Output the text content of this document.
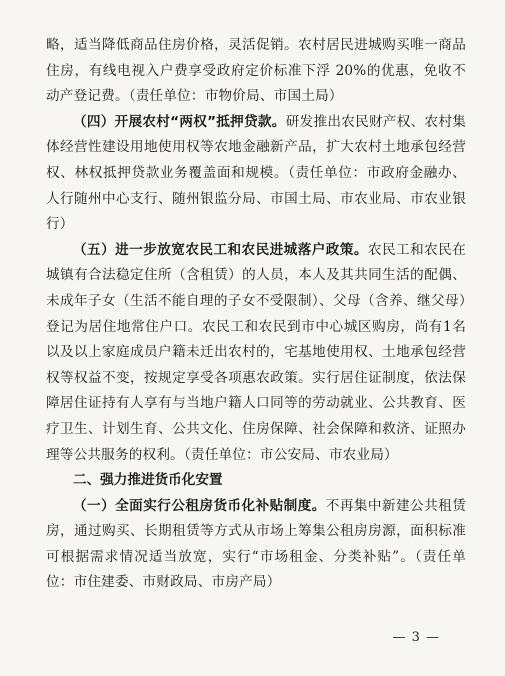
略，适当降低商品住房价格，灵活促销。农村居民进城购买唯一商品住房，有线电视入户费享受政府定价标准下浮 20%的优惠，免收不动产登记费。（责任单位：市物价局、市国土局）

（四）开展农村“两权”抵押贷款。研发推出农民财产权、农村集体经营性建设用地使用权等农地金融新产品，扩大农村土地承包经营权、林权抵押贷款业务覆盖面和规模。（责任单位：市政府金融办、人行随州中心支行、随州银监分局、市国土局、市农业局、市农业银行）

（五）进一步放宽农民工和农民进城落户政策。农民工和农民在城镇有合法稳定住所（含租赁）的人员，本人及其共同生活的配偶、未成年子女（生活不能自理的子女不受限制）、父母（含养、继父母）登记为居住地常住户口。农民工和农民到市中心城区购房，尚有1名以及以上家庭成员户籍未迁出农村的，宅基地使用权、土地承包经营权等权益不变，按规定享受各项惠农政策。实行居住证制度，依法保障居住证持有人享有与当地户籍人口同等的劳动就业、公共教育、医疗卫生、计划生育、公共文化、住房保障、社会保障和救济、证照办理等公共服务的权利。（责任单位：市公安局、市农业局）

二、强力推进货币化安置

（一）全面实行公租房货币化补贴制度。不再集中新建公共租赁房，通过购买、长期租赁等方式从市场上筹集公租房房源，面积标准可根据需求情况适当放宽，实行“市场租金、分类补贴”。（责任单位：市住建委、市财政局、市房产局）

— 3 —
